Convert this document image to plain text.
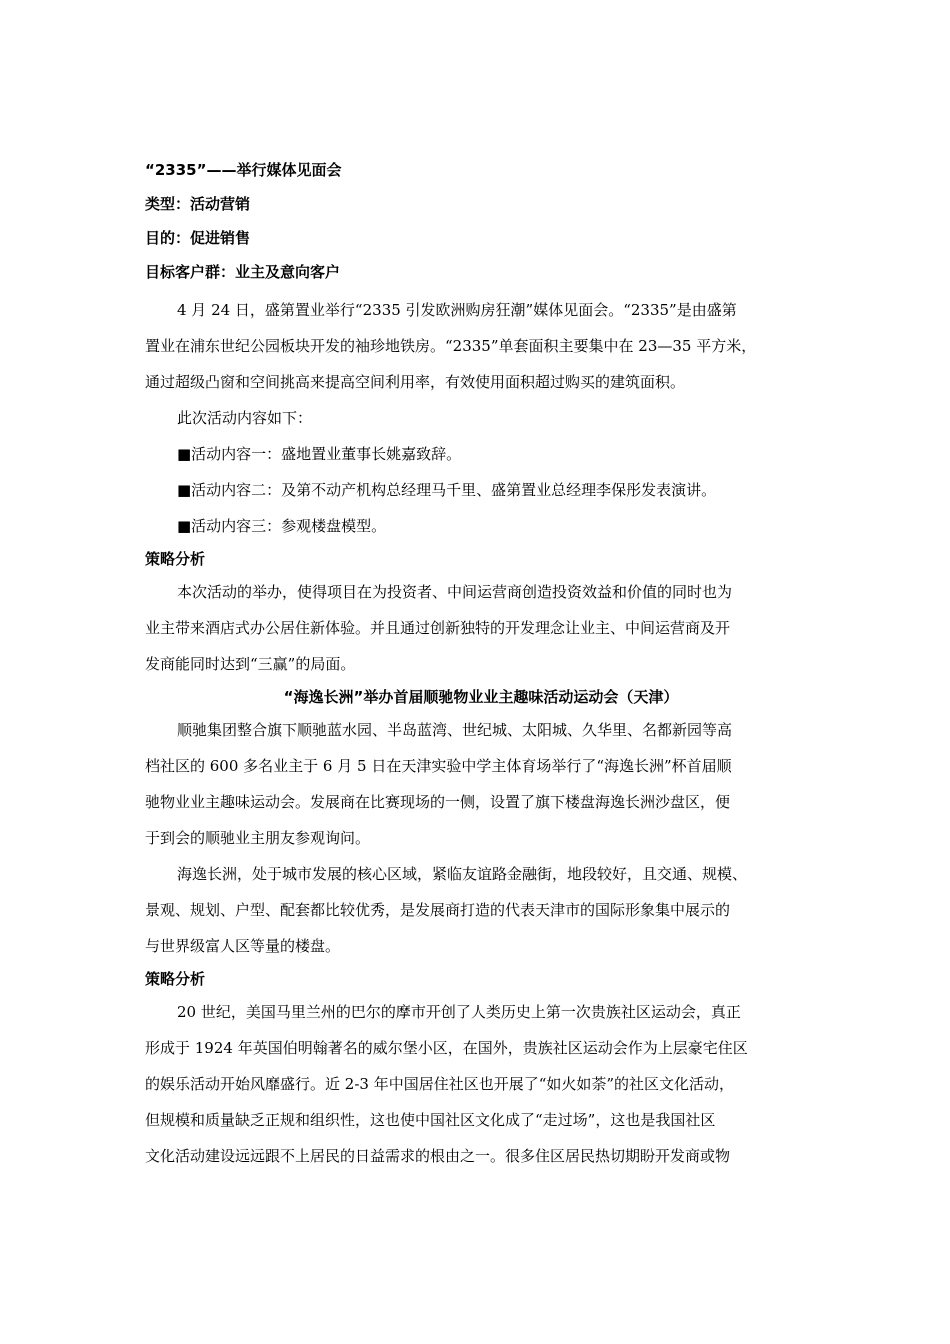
“2335”——举行媒体见面会
类型：活动营销
目的：促进销售
目标客户群：业主及意向客户
4 月 24 日，盛第置业举行“2335 引发欧洲购房狂潮”媒体见面会。“2335”是由盛第
置业在浦东世纪公园板块开发的袖珍地铁房。“2335”单套面积主要集中在 23—35 平方米，
通过超级凸窗和空间挑高来提高空间利用率，有效使用面积超过购买的建筑面积。
此次活动内容如下：
■活动内容一：盛地置业董事长姚嘉致辞。
■活动内容二：及第不动产机构总经理马千里、盛第置业总经理李保彤发表演讲。
■活动内容三：参观楼盘模型。
策略分析
本次活动的举办，使得项目在为投资者、中间运营商创造投资效益和价值的同时也为
业主带来酒店式办公居住新体验。并且通过创新独特的开发理念让业主、中间运营商及开
发商能同时达到“三赢”的局面。
“海逸长洲”举办首届顺驰物业业主趣味活动运动会（天津）
顺驰集团整合旗下顺驰蓝水园、半岛蓝湾、世纪城、太阳城、久华里、名都新园等高
档社区的 600 多名业主于 6 月 5 日在天津实验中学主体育场举行了“海逸长洲”杯首届顺
驰物业业主趣味运动会。发展商在比赛现场的一侧，设置了旗下楼盘海逸长洲沙盘区，便
于到会的顺驰业主朋友参观询问。
海逸长洲，处于城市发展的核心区域，紧临友谊路金融街，地段较好，且交通、规模、
景观、规划、户型、配套都比较优秀，是发展商打造的代表天津市的国际形象集中展示的
与世界级富人区等量的楼盘。
策略分析
20 世纪，美国马里兰州的巴尔的摩市开创了人类历史上第一次贵族社区运动会，真正
形成于 1924 年英国伯明翰著名的威尔堡小区，在国外，贵族社区运动会作为上层豪宅住区
的娱乐活动开始风靡盛行。近 2-3 年中国居住社区也开展了“如火如荼”的社区文化活动，
但规模和质量缺乏正规和组织性，这也使中国社区文化成了“走过场”，这也是我国社区
文化活动建设远远跟不上居民的日益需求的根由之一。很多住区居民热切期盼开发商或物
